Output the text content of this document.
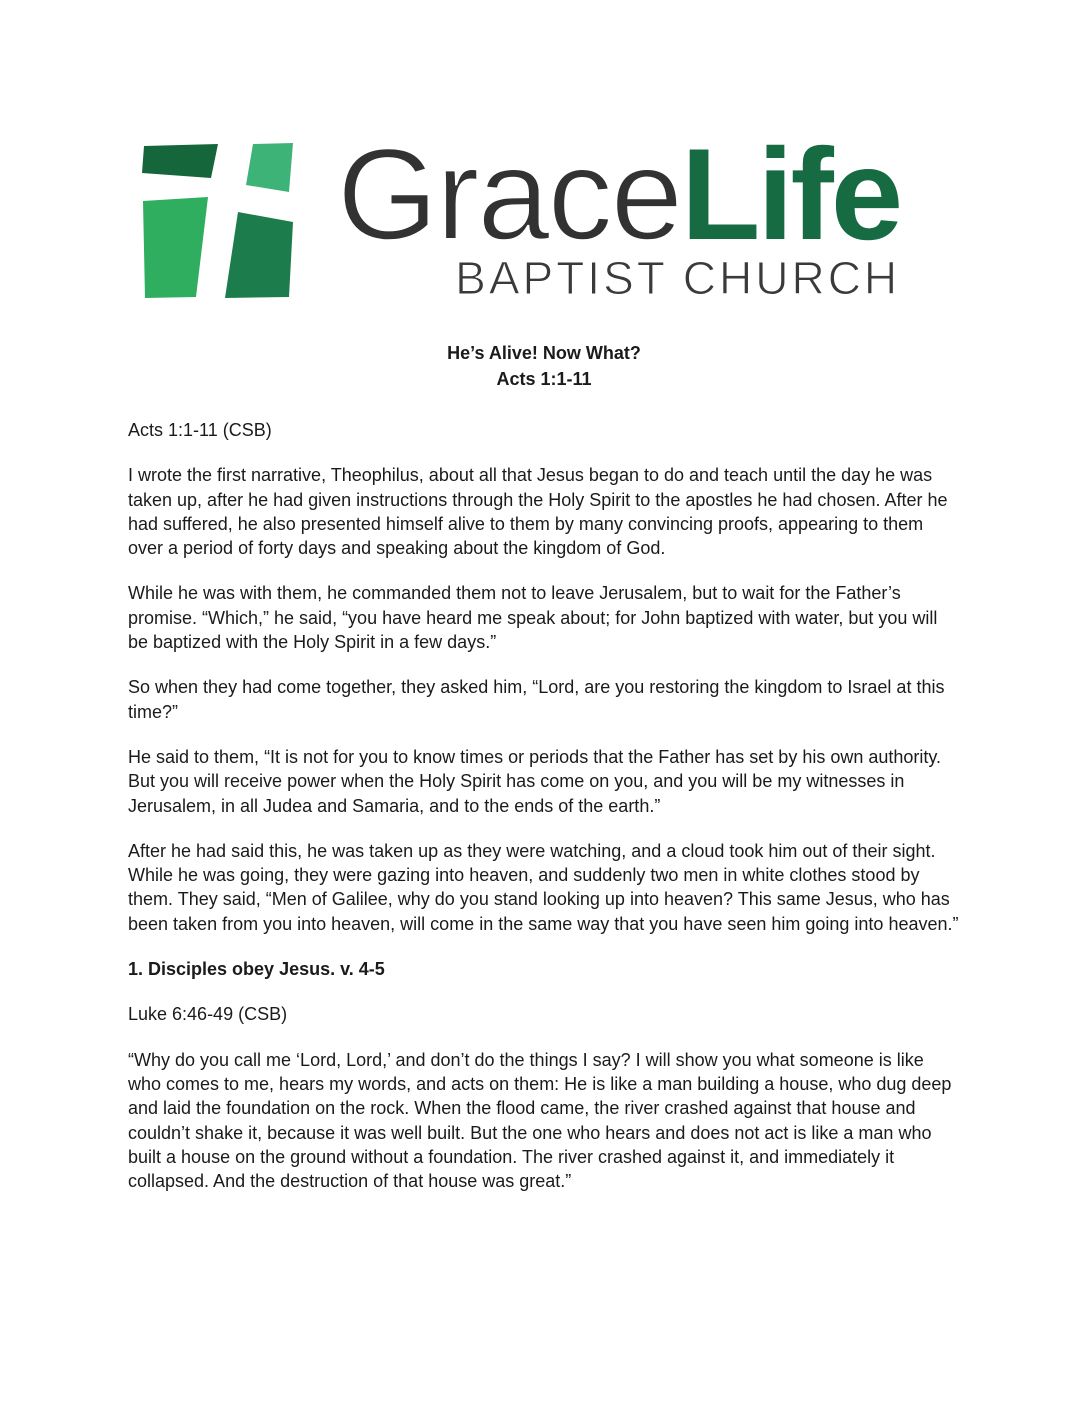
GraceLife
BAPTIST CHURCH
He’s Alive! Now What?
Acts 1:1-11

Acts 1:1-11 (CSB)

I wrote the first narrative, Theophilus, about all that Jesus began to do and teach until the day he was taken up, after he had given instructions through the Holy Spirit to the apostles he had chosen. After he had suffered, he also presented himself alive to them by many convincing proofs, appearing to them over a period of forty days and speaking about the kingdom of God.

While he was with them, he commanded them not to leave Jerusalem, but to wait for the Father’s promise. “Which,” he said, “you have heard me speak about; for John baptized with water, but you will be baptized with the Holy Spirit in a few days.”

So when they had come together, they asked him, “Lord, are you restoring the kingdom to Israel at this time?”

He said to them, “It is not for you to know times or periods that the Father has set by his own authority. But you will receive power when the Holy Spirit has come on you, and you will be my witnesses in Jerusalem, in all Judea and Samaria, and to the ends of the earth.”

After he had said this, he was taken up as they were watching, and a cloud took him out of their sight. While he was going, they were gazing into heaven, and suddenly two men in white clothes stood by them. They said, “Men of Galilee, why do you stand looking up into heaven? This same Jesus, who has been taken from you into heaven, will come in the same way that you have seen him going into heaven.”

1. Disciples obey Jesus. v. 4-5

Luke 6:46-49 (CSB)

“Why do you call me ‘Lord, Lord,’ and don’t do the things I say? I will show you what someone is like who comes to me, hears my words, and acts on them: He is like a man building a house, who dug deep and laid the foundation on the rock. When the flood came, the river crashed against that house and couldn’t shake it, because it was well built. But the one who hears and does not act is like a man who built a house on the ground without a foundation. The river crashed against it, and immediately it collapsed. And the destruction of that house was great.”
